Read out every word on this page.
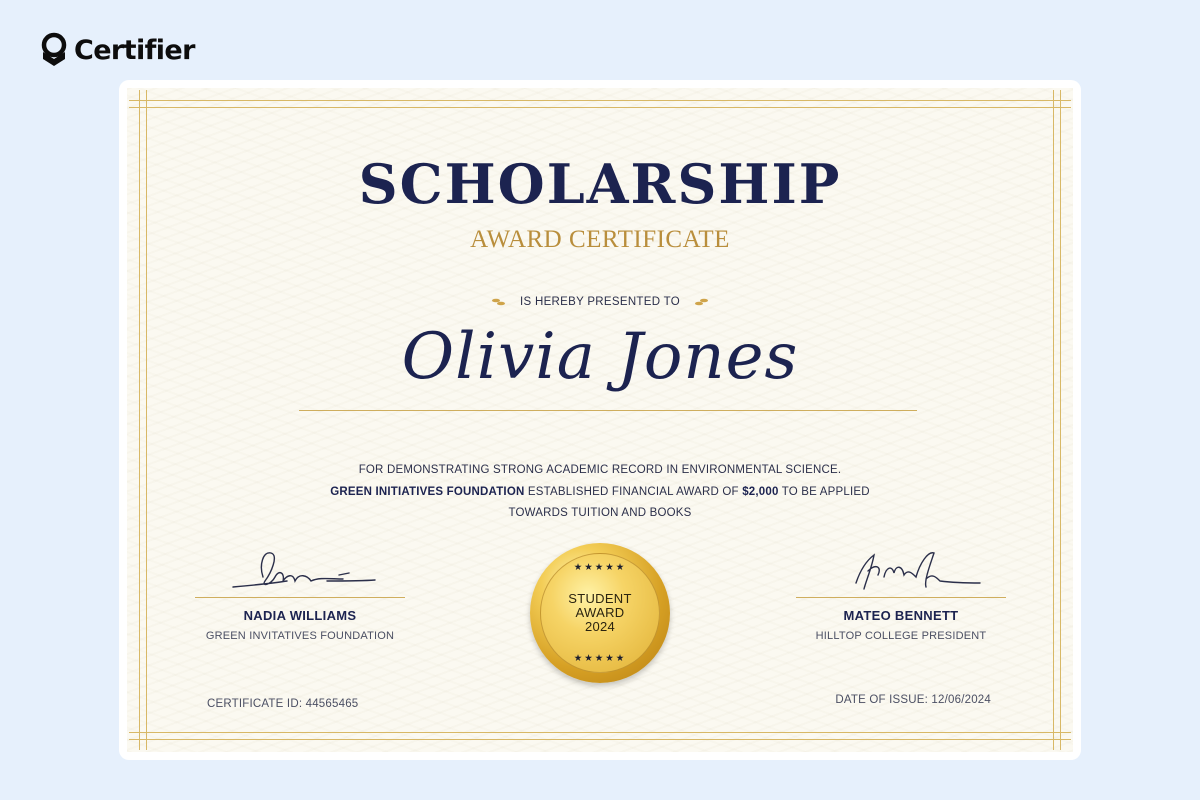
Certifier
SCHOLARSHIP
AWARD CERTIFICATE
IS HEREBY PRESENTED TO
Olivia Jones
FOR DEMONSTRATING STRONG ACADEMIC RECORD IN ENVIRONMENTAL SCIENCE.
GREEN INITIATIVES FOUNDATION ESTABLISHED FINANCIAL AWARD OF $2,000 TO BE APPLIED
TOWARDS TUITION AND BOOKS
NADIA WILLIAMS
GREEN INVITATIVES FOUNDATION
MATEO BENNETT
HILLTOP COLLEGE PRESIDENT
★★★★★
STUDENT
AWARD
2024
★★★★★
CERTIFICATE ID: 44565465	DATE OF ISSUE: 12/06/2024
